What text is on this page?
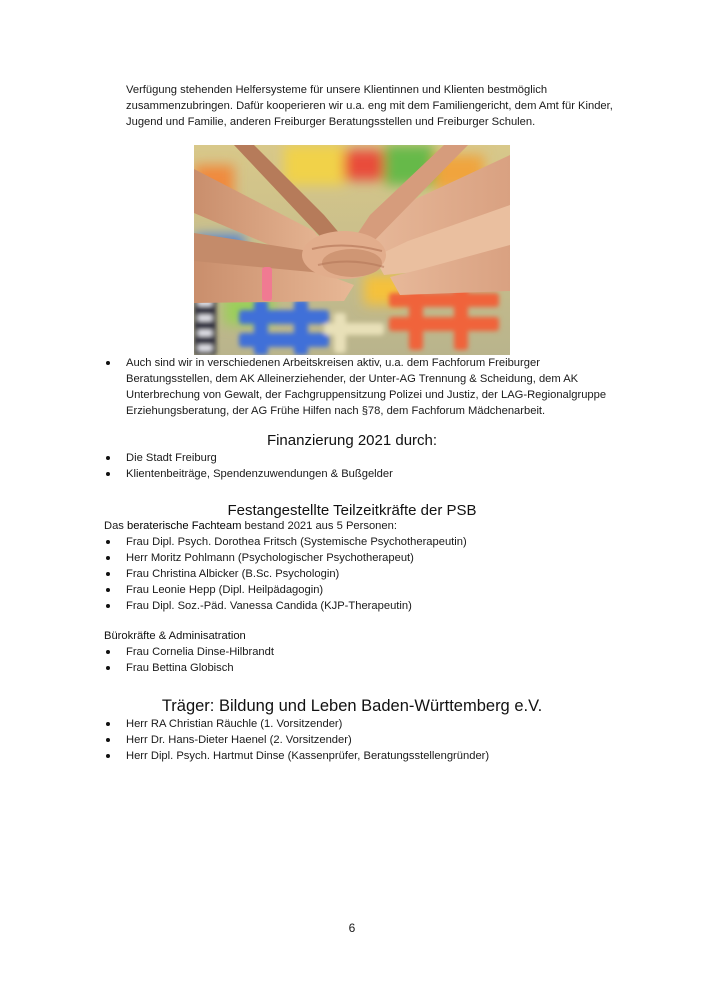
Verfügung stehenden Helfersysteme für unsere Klientinnen und Klienten bestmöglich
zusammenzubringen. Dafür kooperieren wir u.a. eng mit dem Familiengericht, dem Amt für Kinder,
Jugend und Familie, anderen Freiburger Beratungsstellen und Freiburger Schulen.

Auch sind wir in verschiedenen Arbeitskreisen aktiv, u.a. dem Fachforum Freiburger
Beratungsstellen, dem AK Alleinerziehender, der Unter-AG Trennung & Scheidung, dem AK
Unterbrechung von Gewalt, der Fachgruppensitzung Polizei und Justiz, der LAG-Regionalgruppe
Erziehungsberatung, der AG Frühe Hilfen nach §78, dem Fachforum Mädchenarbeit.
Finanzierung 2021 durch:
Die Stadt Freiburg
Klientenbeiträge, Spendenzuwendungen & Bußgelder
Festangestellte Teilzeitkräfte der PSB

Das beraterische Fachteam bestand 2021 aus 5 Personen:

Frau Dipl. Psych. Dorothea Fritsch (Systemische Psychotherapeutin)
Herr Moritz Pohlmann (Psychologischer Psychotherapeut)
Frau Christina Albicker (B.Sc. Psychologin)
Frau Leonie Hepp (Dipl. Heilpädagogin)
Frau Dipl. Soz.-Päd. Vanessa Candida (KJP-Therapeutin)

Bürokräfte & Adminisatration

Frau Cornelia Dinse-Hilbrandt
Frau Bettina Globisch
Träger: Bildung und Leben Baden-Württemberg e.V.
Herr RA Christian Räuchle (1. Vorsitzender)
Herr Dr. Hans-Dieter Haenel (2. Vorsitzender)
Herr Dipl. Psych. Hartmut Dinse (Kassenprüfer, Beratungsstellengründer)
6
